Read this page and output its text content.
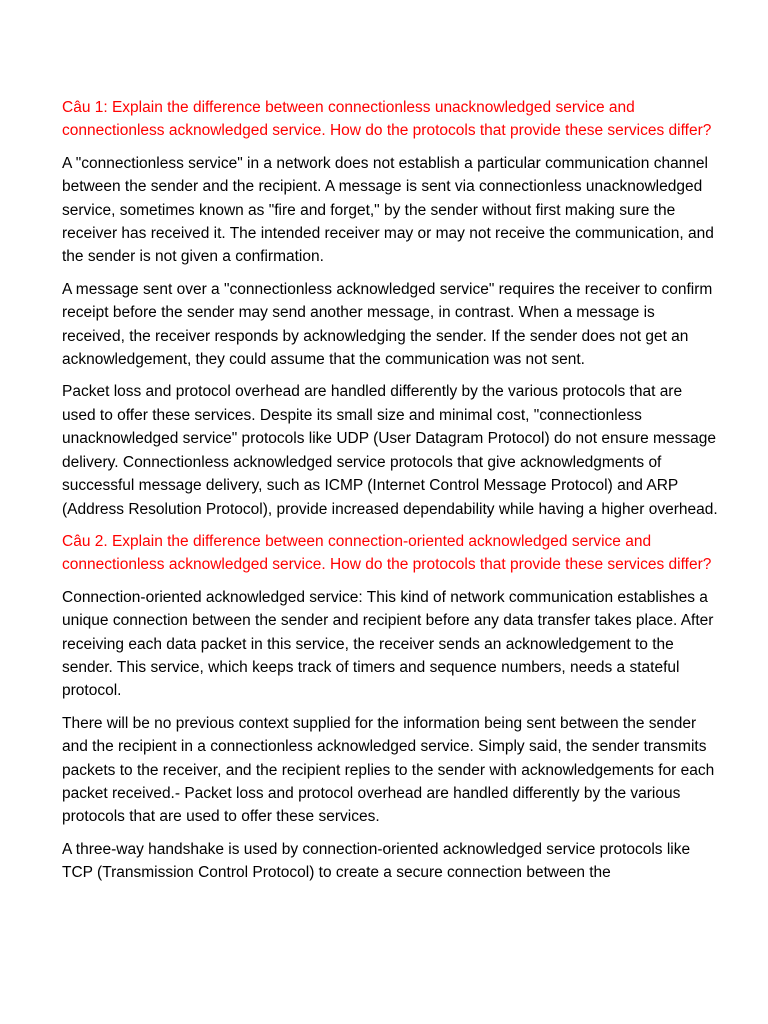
Câu 1: Explain the difference between connectionless unacknowledged service and connectionless acknowledged service. How do the protocols that provide these services differ?

A "connectionless service" in a network does not establish a particular communication channel between the sender and the recipient. A message is sent via connectionless unacknowledged service, sometimes known as "fire and forget," by the sender without first making sure the receiver has received it. The intended receiver may or may not receive the communication, and the sender is not given a confirmation.

A message sent over a "connectionless acknowledged service" requires the receiver to confirm receipt before the sender may send another message, in contrast. When a message is received, the receiver responds by acknowledging the sender. If the sender does not get an acknowledgement, they could assume that the communication was not sent.

Packet loss and protocol overhead are handled differently by the various protocols that are used to offer these services. Despite its small size and minimal cost, "connectionless unacknowledged service" protocols like UDP (User Datagram Protocol) do not ensure message delivery. Connectionless acknowledged service protocols that give acknowledgments of successful message delivery, such as ICMP (Internet Control Message Protocol) and ARP (Address Resolution Protocol), provide increased dependability while having a higher overhead.

Câu 2. Explain the difference between connection-oriented acknowledged service and connectionless acknowledged service. How do the protocols that provide these services differ?

Connection-oriented acknowledged service: This kind of network communication establishes a unique connection between the sender and recipient before any data transfer takes place. After receiving each data packet in this service, the receiver sends an acknowledgement to the sender. This service, which keeps track of timers and sequence numbers, needs a stateful protocol.

There will be no previous context supplied for the information being sent between the sender and the recipient in a connectionless acknowledged service. Simply said, the sender transmits packets to the receiver, and the recipient replies to the sender with acknowledgements for each packet received.- Packet loss and protocol overhead are handled differently by the various protocols that are used to offer these services.

A three-way handshake is used by connection-oriented acknowledged service protocols like TCP (Transmission Control Protocol) to create a secure connection between the
